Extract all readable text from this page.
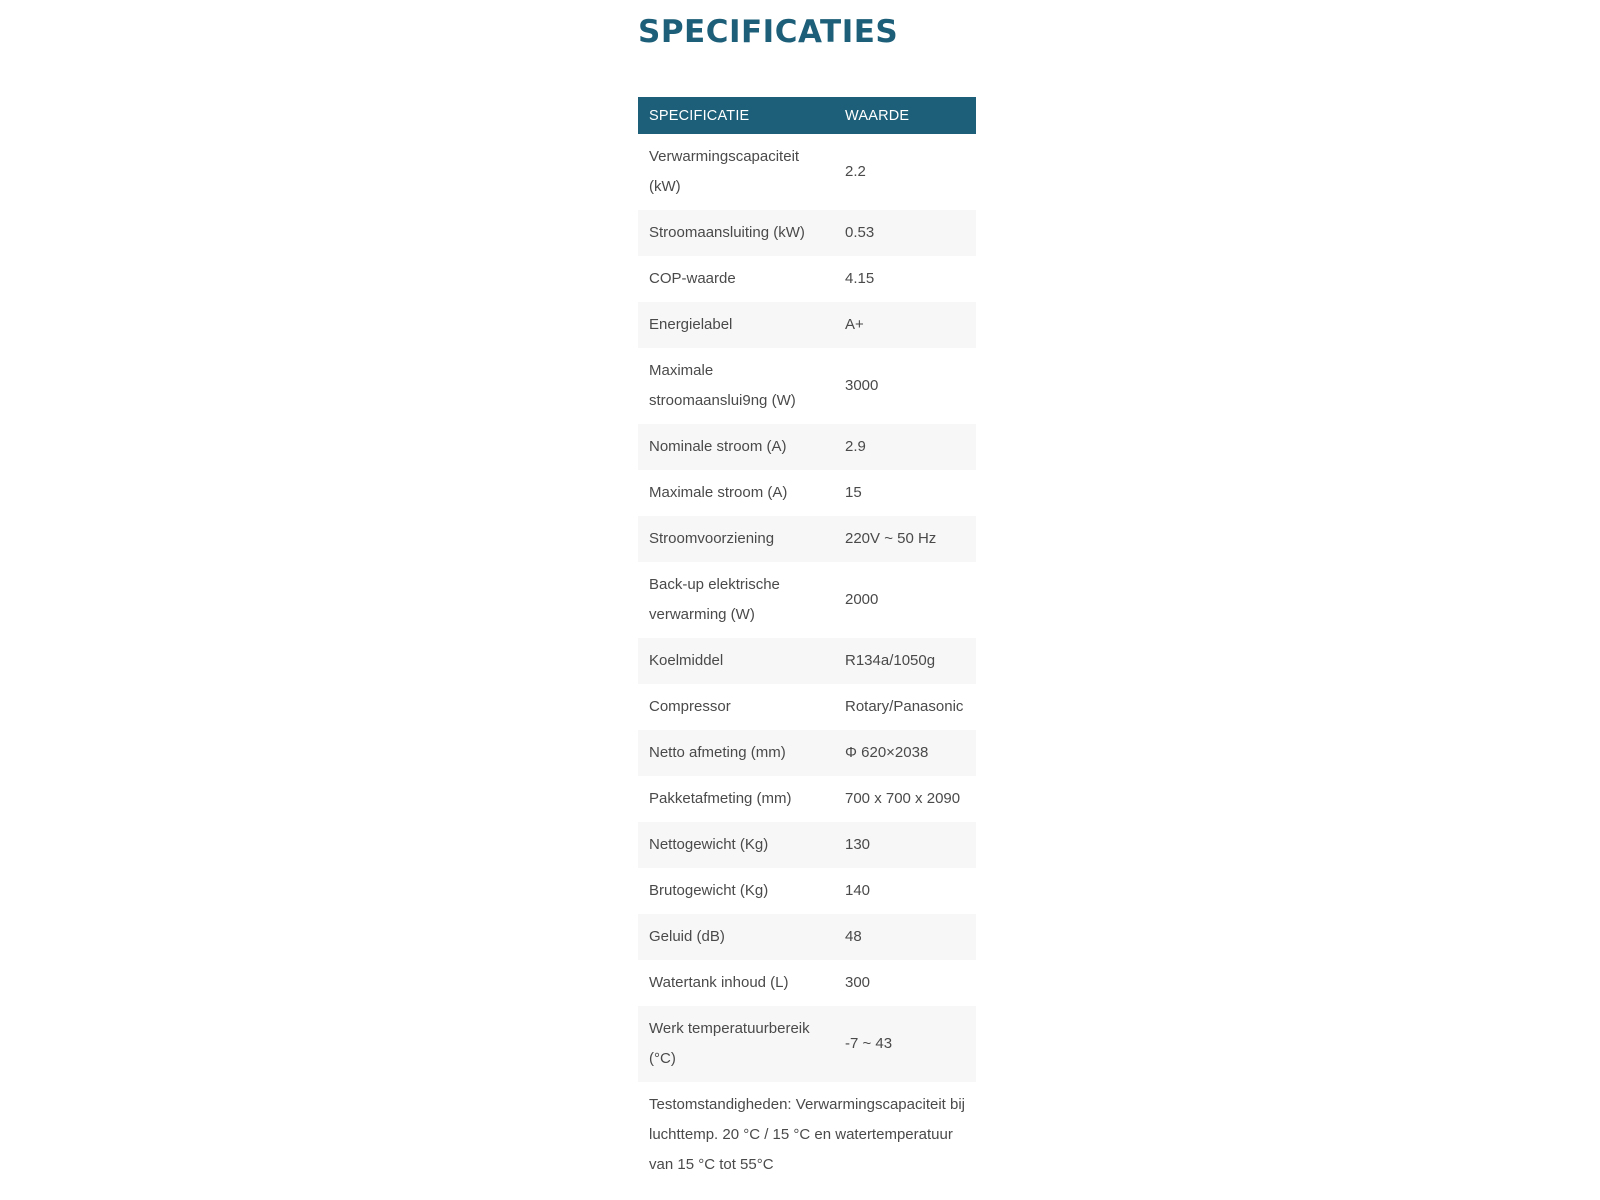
SPECIFICATIES
SPECIFICATIE	WAARDE
Verwarmingscapaciteit (kW)	2.2
Stroomaansluiting (kW)	0.53
COP-waarde	4.15
Energielabel	A+
Maximale stroomaanslui9ng (W)	3000
Nominale stroom (A)	2.9
Maximale stroom (A)	15
Stroomvoorziening	220V ~ 50 Hz
Back-up elektrische verwarming (W)	2000
Koelmiddel	R134a/1050g
Compressor	Rotary/Panasonic
Netto afmeting (mm)	Φ 620×2038
Pakketafmeting (mm)	700 x 700 x 2090
Nettogewicht (Kg)	130
Brutogewicht (Kg)	140
Geluid (dB)	48
Watertank inhoud (L)	300
Werk temperatuurbereik (°C)	-7 ~ 43

Testomstandigheden: Verwarmingscapaciteit bij luchttemp. 20 °C / 15 °C en watertemperatuur van 15 °C tot 55°C
